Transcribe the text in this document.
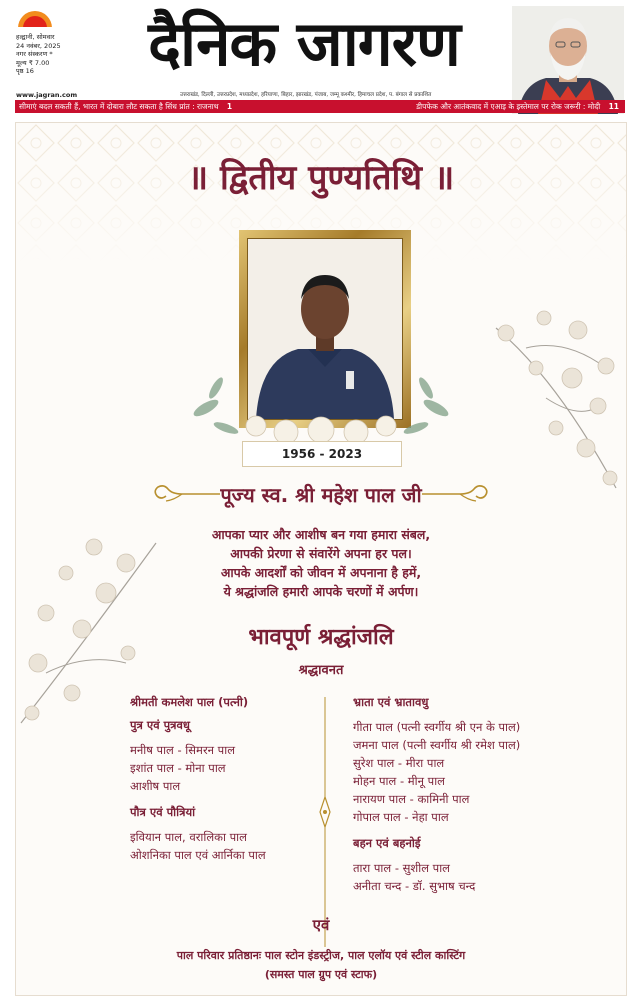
हल्द्वानी, सोमवार
24 नवंबर, 2025
नगर संस्करण *
मूल्य ₹ 7.00
पृष्ठ 16	दैनिक जागरण
www.jagran.com	उत्तराखंड, दिल्ली, उत्तरप्रदेश, मध्यप्रदेश, हरियाणा, बिहार, झारखंड, पंजाब, जम्मू कश्मीर, हिमाचल प्रदेश, प. बंगाल से प्रकाशित
सीमाएं बदल सकती हैं, भारत में दोबारा लौट सकता है सिंध प्रांत : राजनाथ 1	डीपफेक और आतंकवाद में एआइ के इस्तेमाल पर रोक जरूरी : मोदी 11
॥ द्वितीय पुण्यतिथि ॥
1956 - 2023
पूज्य स्व. श्री महेश पाल जी
आपका प्यार और आशीष बन गया हमारा संबल,
आपकी प्रेरणा से संवारेंगे अपना हर पल।
आपके आदर्शों को जीवन में अपनाना है हमें,
ये श्रद्धांजलि हमारी आपके चरणों में अर्पण।
भावपूर्ण श्रद्धांजलि
श्रद्धावनत
श्रीमती कमलेश पाल (पत्नी)
पुत्र एवं पुत्रवधू
मनीष पाल - सिमरन पाल
इशांत पाल - मोना पाल
आशीष पाल
पौत्र एवं पौत्रियां
इवियान पाल, वरालिका पाल
ओशनिका पाल एवं आर्निका पाल
भ्राता एवं भ्रातावधु
गीता पाल (पत्नी स्वर्गीय श्री एन के पाल)
जमना पाल (पत्नी स्वर्गीय श्री रमेश पाल)
सुरेश पाल - मीरा पाल
मोहन पाल - मीनू पाल
नारायण पाल - कामिनी पाल
गोपाल पाल - नेहा पाल
बहन एवं बहनोई
तारा पाल - सुशील पाल
अनीता चन्द - डॉ. सुभाष चन्द
एवं
पाल परिवार प्रतिष्ठानः पाल स्टोन इंडस्ट्रीज, पाल एलॉय एवं स्टील कास्टिंग
(समस्त पाल ग्रुप एवं स्टाफ)
